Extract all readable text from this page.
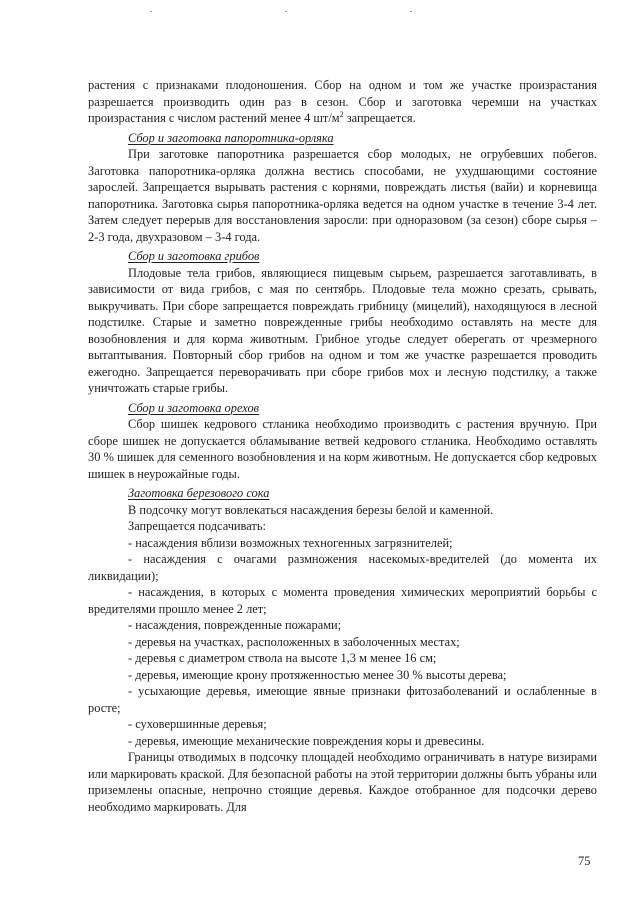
растения с признаками плодоношения. Сбор на одном и том же участке произрастания разрешается производить один раз в сезон. Сбор и заготовка черемши на участках произрастания с числом растений менее 4 $шт/м^2$ запрещается.

Сбор и заготовка папоротника-орляка

При заготовке папоротника разрешается сбор молодых, не огрубевших побегов. Заготовка папоротника-орляка должна вестись способами, не ухудшающими состояние зарослей. Запрещается вырывать растения с корнями, повреждать листья (вайи) и корневища папоротника. Заготовка сырья папоротника-орляка ведется на одном участке в течение 3-4 лет. Затем следует перерыв для восстановления заросли: при одноразовом (за сезон) сборе сырья – 2-3 года, двухразовом – 3-4 года.

Сбор и заготовка грибов

Плодовые тела грибов, являющиеся пищевым сырьем, разрешается заготавливать, в зависимости от вида грибов, с мая по сентябрь. Плодовые тела можно срезать, срывать, выкручивать. При сборе запрещается повреждать грибницу (мицелий), находящуюся в лесной подстилке. Старые и заметно поврежденные грибы необходимо оставлять на месте для возобновления и для корма животным. Грибное угодье следует оберегать от чрезмерного вытаптывания. Повторный сбор грибов на одном и том же участке разрешается проводить ежегодно. Запрещается переворачивать при сборе грибов мох и лесную подстилку, а также уничтожать старые грибы.

Сбор и заготовка орехов

Сбор шишек кедрового стланика необходимо производить с растения вручную. При сборе шишек не допускается обламывание ветвей кедрового стланика. Необходимо оставлять 30 % шишек для семенного возобновления и на корм животным. Не допускается сбор кедровых шишек в неурожайные годы.

Заготовка березового сока

В подсочку могут вовлекаться насаждения березы белой и каменной.

Запрещается подсачивать:

- насаждения вблизи возможных техногенных загрязнителей;

- насаждения с очагами размножения насекомых-вредителей (до момента их ликвидации);

- насаждения, в которых с момента проведения химических мероприятий борьбы с вредителями прошло менее 2 лет;

- насаждения, поврежденные пожарами;

- деревья на участках, расположенных в заболоченных местах;

- деревья с диаметром ствола на высоте 1,3 м менее 16 см;

- деревья, имеющие крону протяженностью менее 30 % высоты дерева;

- усыхающие деревья, имеющие явные признаки фитозаболеваний и ослабленные в росте;

- суховершинные деревья;

- деревья, имеющие механические повреждения коры и древесины.

Границы отводимых в подсочку площадей необходимо ограничивать в натуре визирами или маркировать краской. Для безопасной работы на этой территории должны быть убраны или приземлены опасные, непрочно стоящие деревья. Каждое отобранное для подсочки дерево необходимо маркировать. Для

75
